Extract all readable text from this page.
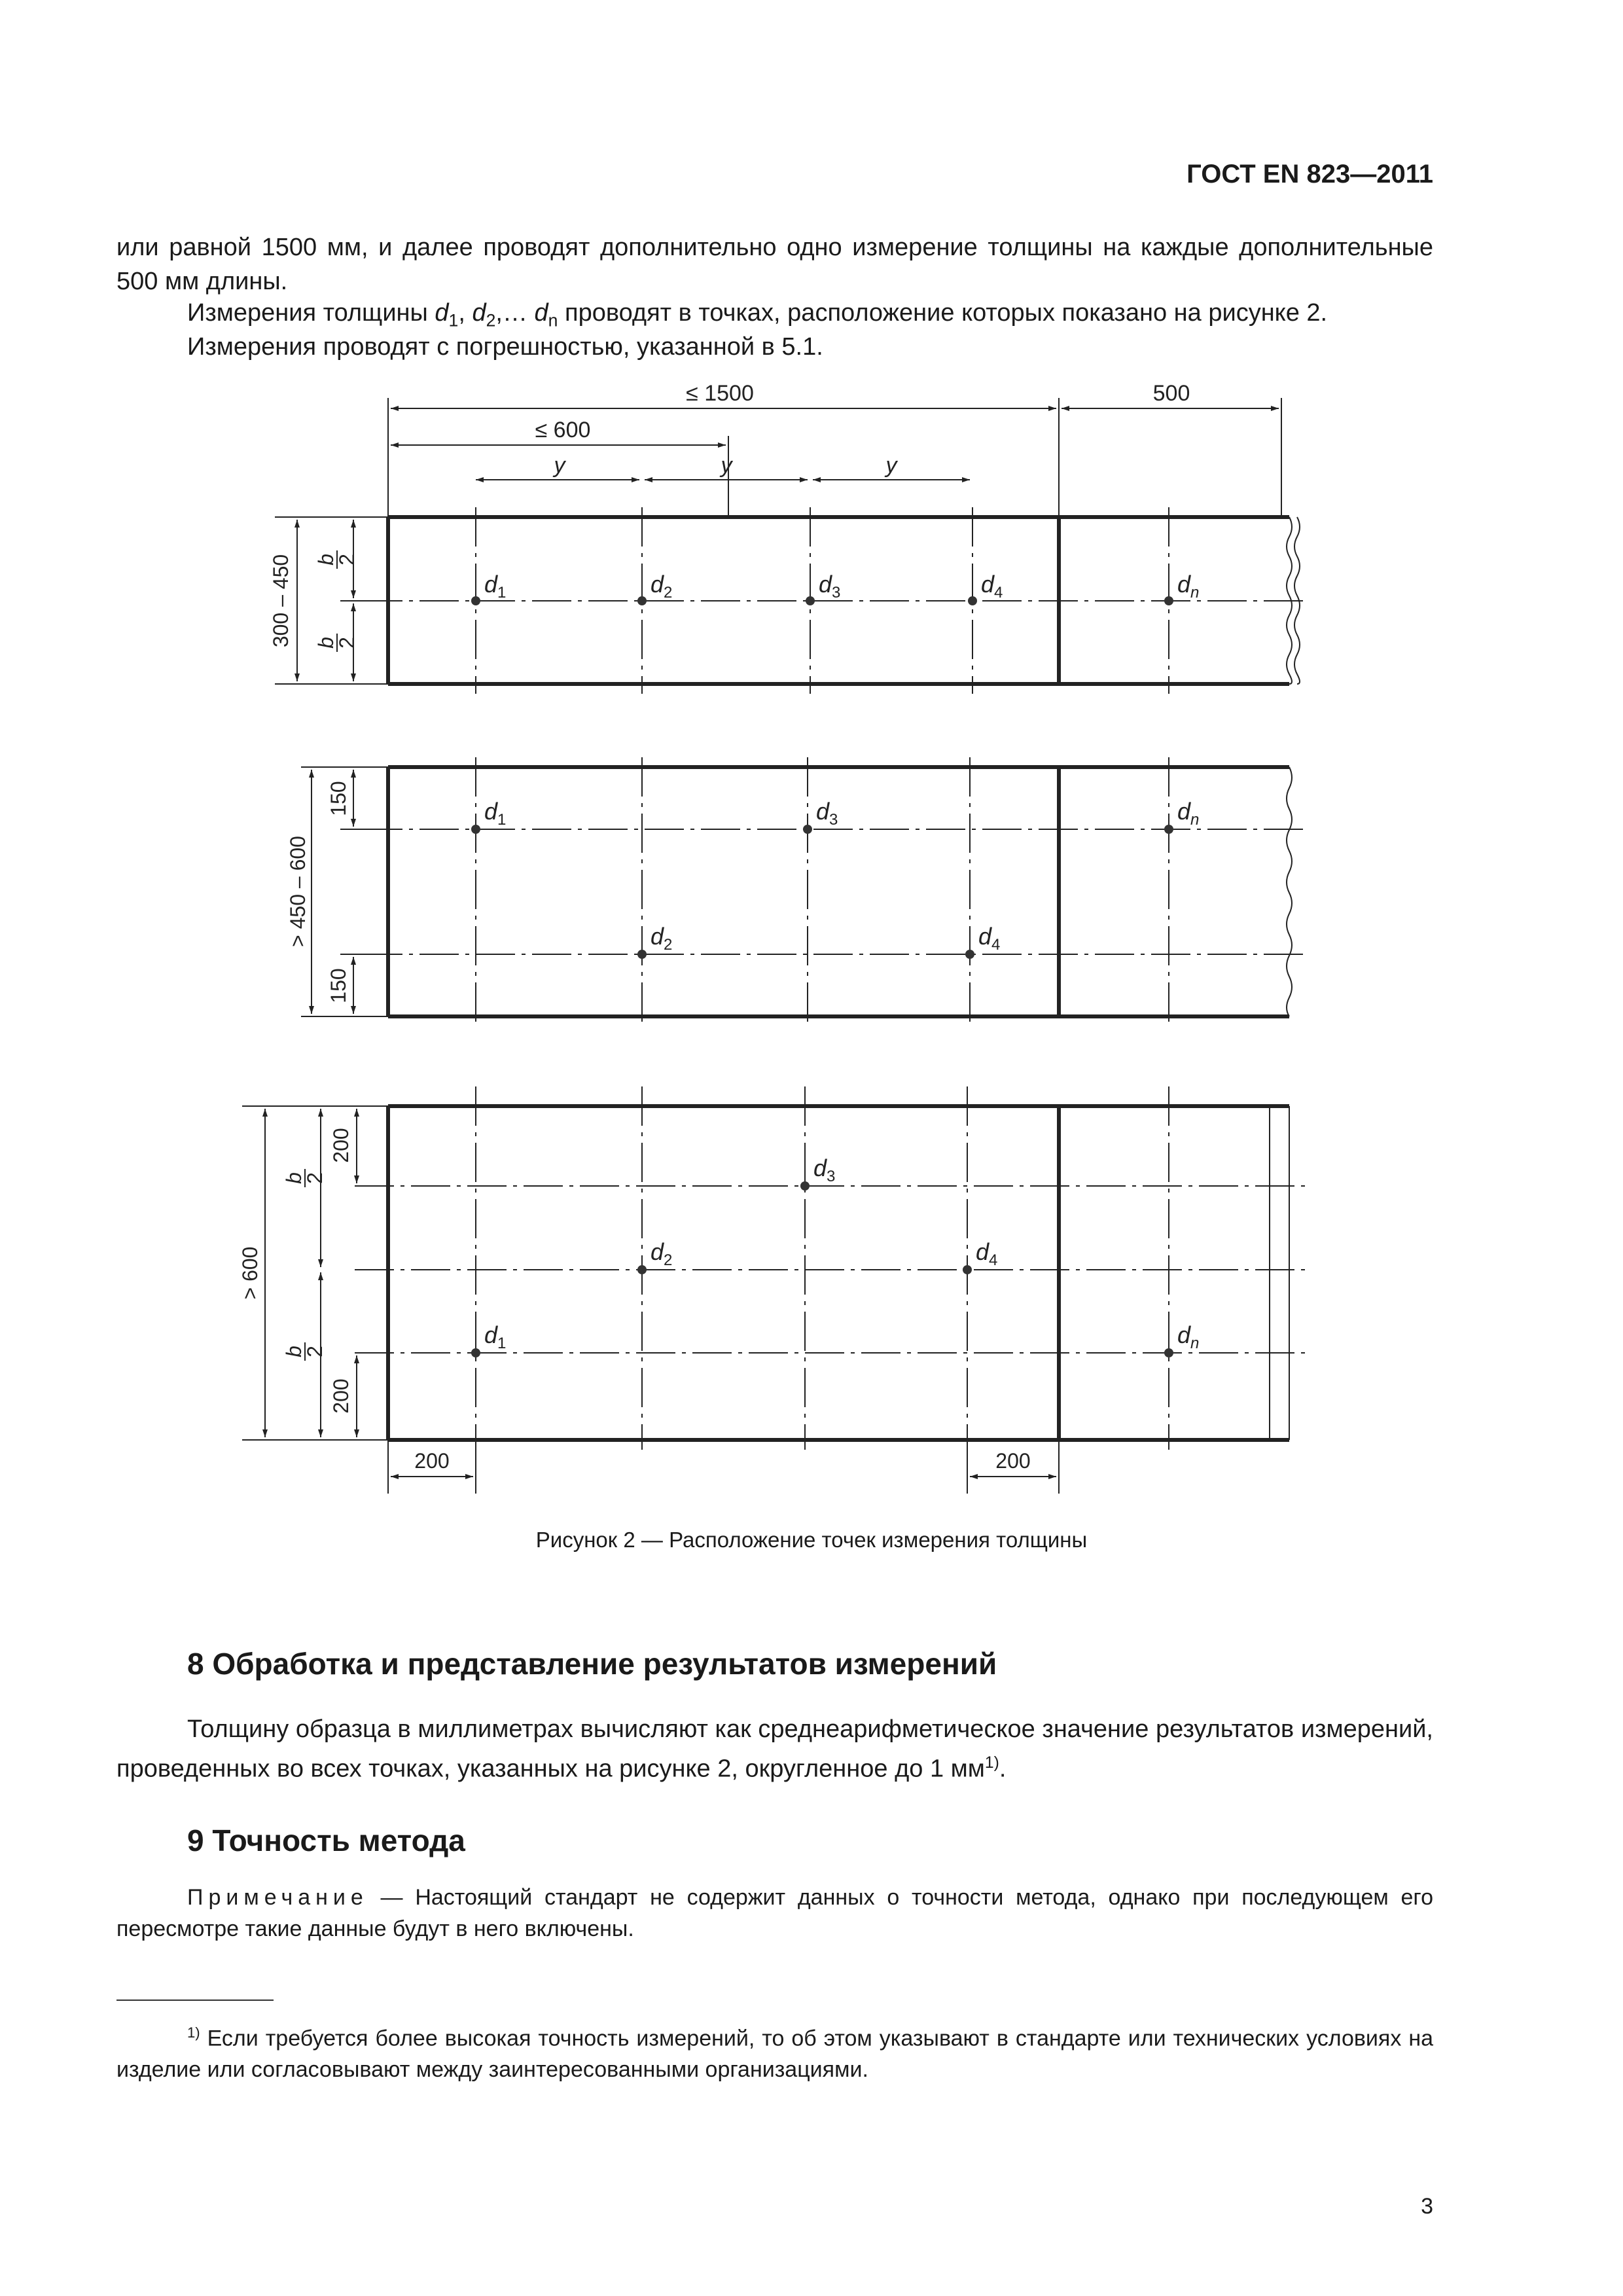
ГОСТ EN 823—2011
или равной 1500 мм, и далее проводят дополнительно одно измерение толщины на каждые дополнительные 500 мм длины.
Измерения толщины $d_1$, $d_2,\dots$ $d_n$ проводят в точках, расположение которых показано на рисунке 2.
Измерения проводят с погрешностью, указанной в 5.1.
≤ 1500	500
≤ 600
y	y	y
$d_1$	$d_2$	$d_3$	$d_4$	$d_n$
300 – 450 b
2
b
2
$d_1$	$d_3$	$d_n$
$d_2$	$d_4$
> 450 – 600
150
150
$d_3$
$d_2$	$d_4$
$d_1$	$d_n$
> 600
200
200
b
2
b
2
200	200
Рисунок 2 — Расположение точек измерения толщины
8 Обработка и представление результатов измерений
Толщину образца в миллиметрах вычисляют как среднеарифметическое значение результатов измерений, проведенных во всех точках, указанных на рисунке 2, округленное до 1 $мм^{1)}$.
9 Точность метода
Примечание — Настоящий стандарт не содержит данных о точности метода, однако при последующем его пересмотре такие данные будут в него включены.
$^{1)}$ Если требуется более высокая точность измерений, то об этом указывают в стандарте или технических условиях на изделие или согласовывают между заинтересованными организациями.
3
